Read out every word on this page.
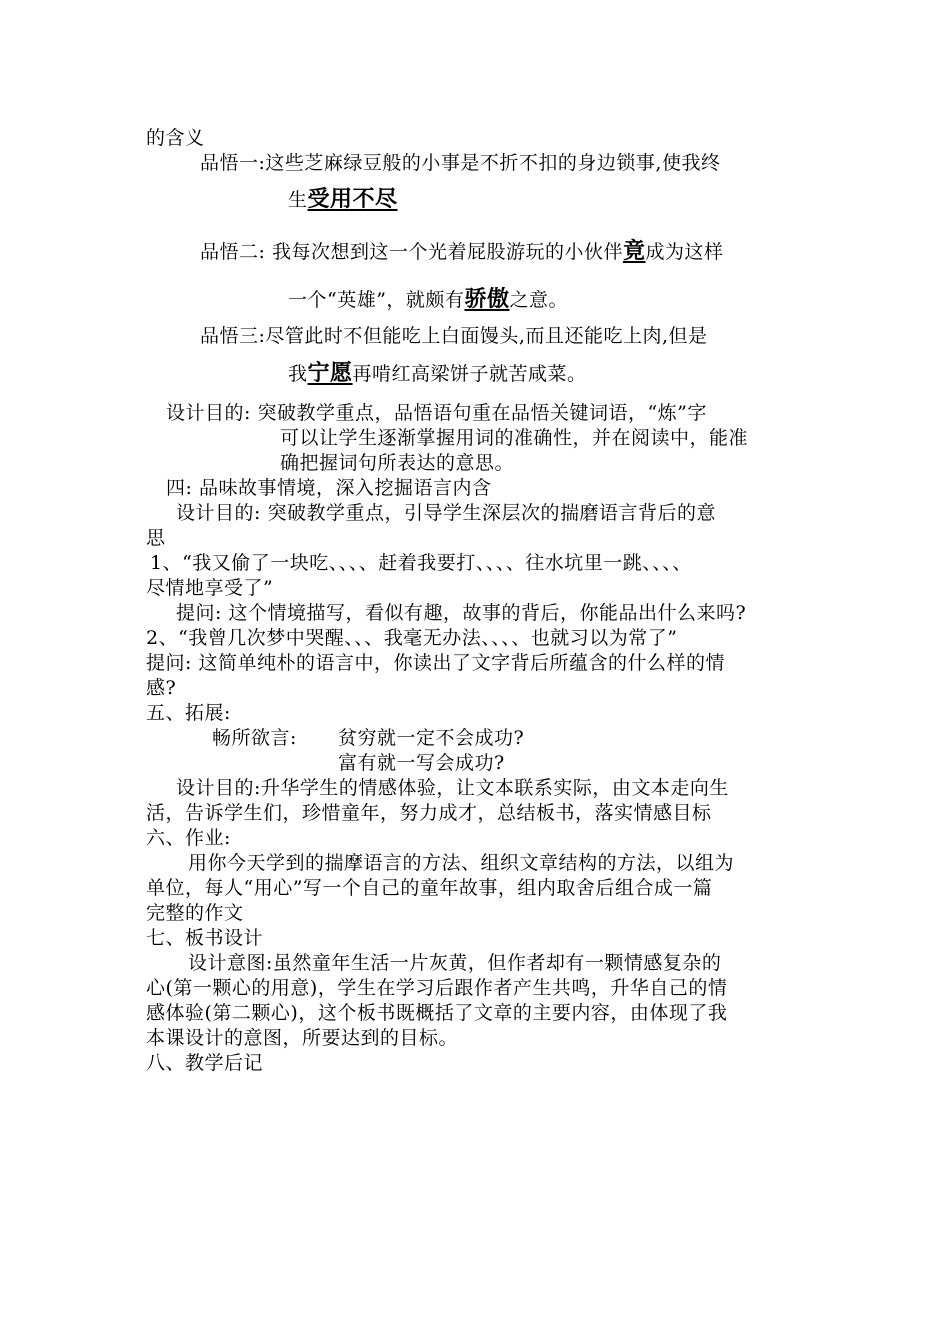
的含义
品悟一:这些芝麻绿豆般的小事是不折不扣的身边锁事,使我终
生受用不尽
品悟二: 我每次想到这一个光着屁股游玩的小伙伴竟成为这样
一个“英雄”，就颇有骄傲之意。
品悟三:尽管此时不但能吃上白面馒头,而且还能吃上肉,但是
我宁愿再啃红高梁饼子就苦咸菜。
设计目的: 突破教学重点，品悟语句重在品悟关键词语，“炼”字
可以让学生逐渐掌握用词的准确性，并在阅读中，能准
确把握词句所表达的意思。
四: 品味故事情境，深入挖掘语言内含
设计目的: 突破教学重点，引导学生深层次的揣磨语言背后的意
思
1、“我又偷了一块吃、、、、赶着我要打、、、、往水坑里一跳、、、、
尽情地享受了”
提问: 这个情境描写，看似有趣，故事的背后，你能品出什么来吗?
2、“我曾几次梦中哭醒、、、我毫无办法、、、、也就习以为常了”
提问: 这简单纯朴的语言中，你读出了文字背后所蕴含的什么样的情
感?
五、拓展:
畅所欲言: 贫穷就一定不会成功?
富有就一写会成功?
设计目的:升华学生的情感体验，让文本联系实际，由文本走向生
活，告诉学生们，珍惜童年，努力成才，总结板书，落实情感目标
六、作业:
用你今天学到的揣摩语言的方法、组织文章结构的方法，以组为
单位，每人“用心”写一个自己的童年故事，组内取舍后组合成一篇
完整的作文
七、板书设计
设计意图:虽然童年生活一片灰黄，但作者却有一颗情感复杂的
心(第一颗心的用意)，学生在学习后跟作者产生共鸣，升华自己的情
感体验(第二颗心)，这个板书既概括了文章的主要内容，由体现了我
本课设计的意图，所要达到的目标。
八、教学后记
